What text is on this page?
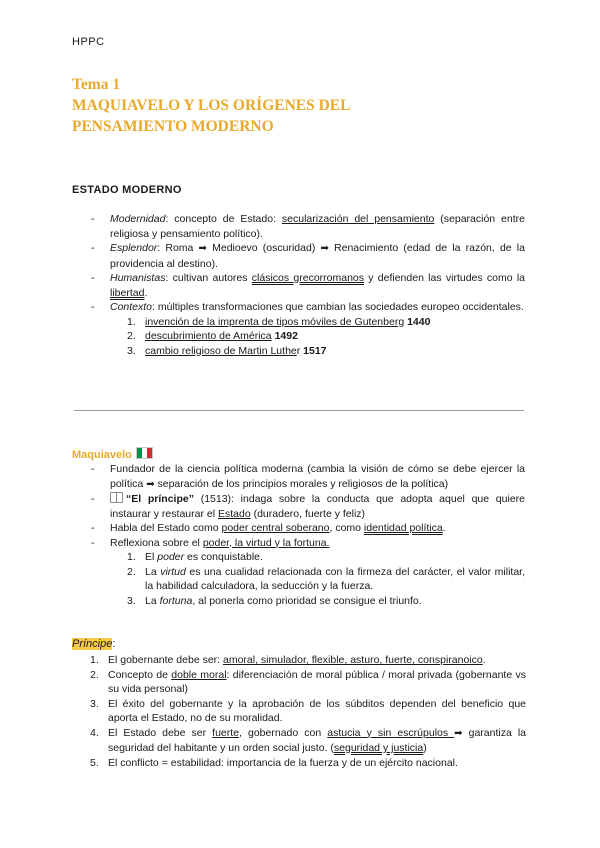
HPPC
Tema 1
MAQUIAVELO Y LOS ORÍGENES DEL
PENSAMIENTO MODERNO
ESTADO MODERNO
- Modernidad: concepto de Estado: secularización del pensamiento (separación entre religiosa y pensamiento político).
- Esplendor: Roma ➡ Medioevo (oscuridad) ➡ Renacimiento (edad de la razón, de la providencia al destino).
- Humanistas: cultivan autores clásicos grecorromanos y defienden las virtudes como la libertad.
- Contexto: múltiples transformaciones que cambian las sociedades europeo occidentales.
1. invención de la imprenta de tipos móviles de Gutenberg 1440
2. descubrimiento de América 1492
3. cambio religioso de Martin Luther 1517
Maquiavelo
- Fundador de la ciencia política moderna (cambia la visión de cómo se debe ejercer la política ➡ separación de los principios morales y religiosos de la política)
-	“El príncipe” (1513): indaga sobre la conducta que adopta aquel que quiere instaurar y restaurar el Estado (duradero, fuerte y feliz)
- Habla del Estado como poder central soberano, como identidad política.
- Reflexiona sobre el poder, la virtud y la fortuna.
1. El poder es conquistable.
2. La virtud es una cualidad relacionada con la firmeza del carácter, el valor militar, la habilidad calculadora, la seducción y la fuerza.
3. La fortuna, al ponerla como prioridad se consigue el triunfo.
Príncipe:
1. El gobernante debe ser: amoral, simulador, flexible, asturo, fuerte, conspiranoico.
2. Concepto de doble moral: diferenciación de moral pública / moral privada (gobernante vs su vida personal)
3. El éxito del gobernante y la aprobación de los súbditos dependen del beneficio que aporta el Estado, no de su moralidad.
4. El Estado debe ser fuerte, gobernado con astucia y sin escrúpulos ➡ garantiza la seguridad del habitante y un orden social justo. (seguridad y justicia)
5. El conflicto = estabilidad: importancia de la fuerza y de un ejército nacional.
